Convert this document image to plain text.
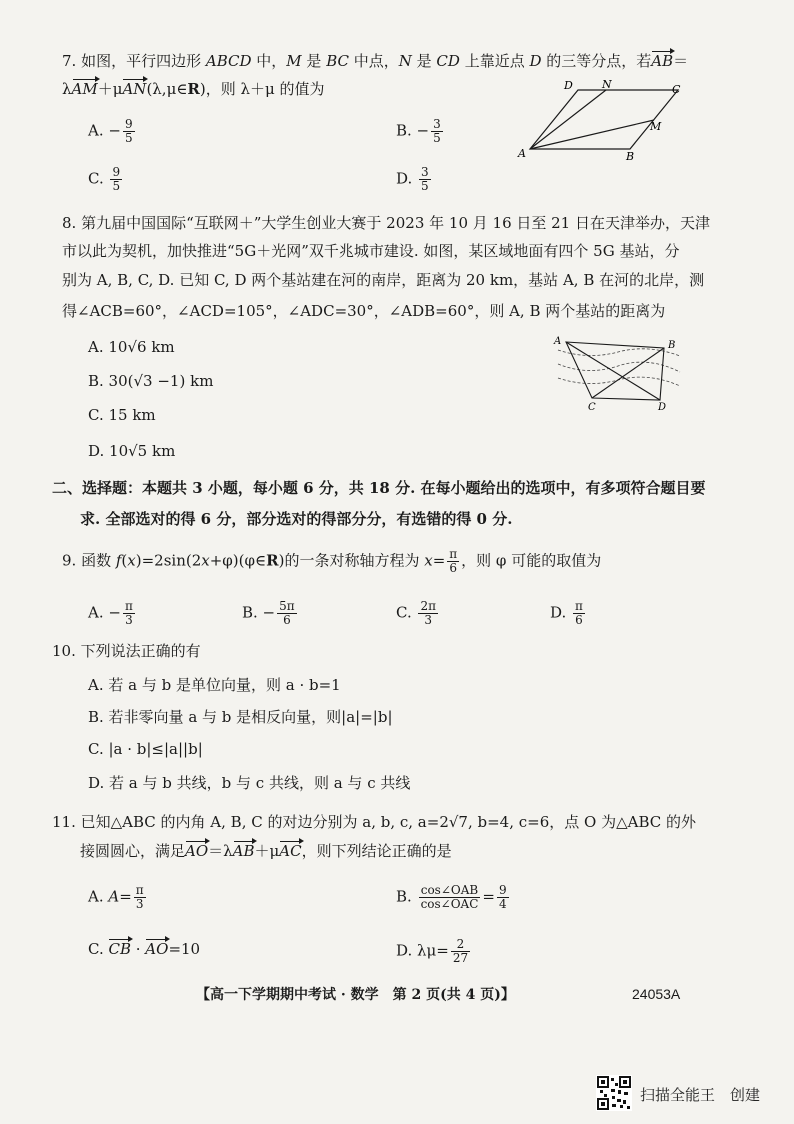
7. 如图，平行四边形 ABCD 中，M 是 BC 中点，N 是 CD 上靠近点 D 的三等分点，若AB＝
λAM＋μAN(λ,μ∈R)，则 λ＋μ 的值为
A. − $\frac{9}{5}$	B. − $\frac{3}{5}$
C. $\frac{9}{5}$	D. $\frac{3}{5}$
D	N	C
M
A	B
8. 第九届中国国际“互联网＋”大学生创业大赛于 2023 年 10 月 16 日至 21 日在天津举办，天津
市以此为契机，加快推进“5G＋光网”双千兆城市建设. 如图，某区域地面有四个 5G 基站，分
别为 A, B, C, D. 已知 C, D 两个基站建在河的南岸，距离为 20 km，基站 A, B 在河的北岸，测
得∠ACB=60°，∠ACD=105°，∠ADC=30°，∠ADB=60°，则 A, B 两个基站的距离为
A. 10√6 km
B. 30(√3 −1) km
C. 15 km
D. 10√5 km
A	B
C	D
二、选择题：本题共 3 小题，每小题 6 分，共 18 分. 在每小题给出的选项中，有多项符合题目要
求. 全部选对的得 6 分，部分选对的得部分分，有选错的得 0 分.
9. 函数 f(x)=2sin(2x+φ)(φ∈R)的一条对称轴方程为 $x= \frac{\pi}{6}$ ，则 φ 可能的取值为
A. − $\frac{\pi}{3}$	B. − $\frac{5\pi}{6}$	C. $\frac{2\pi}{3}$	D. $\frac{\pi}{6}$
10. 下列说法正确的有
A. 若 a 与 b 是单位向量，则 a · b=1
B. 若非零向量 a 与 b 是相反向量，则|a|=|b|
C. |a · b|≤|a||b|
D. 若 a 与 b 共线，b 与 c 共线，则 a 与 c 共线
11. 已知△ABC 的内角 A, B, C 的对边分别为 a, b, c, a=2√7, b=4, c=6，点 O 为△ABC 的外
接圆圆心，满足AO＝λAB＋μAC，则下列结论正确的是
A. $A= \frac{\pi}{3}$	B. $\frac{\text{cos∠OAB}}{\text{cos∠OAC}} = \frac{9}{4}$
C. CB · AO=10	D. $\lambda\mu= \frac{2}{27}$
【高一下学期期中考试 · 数学　第 2 页(共 4 页)】	24053A
扫描全能王　创建
